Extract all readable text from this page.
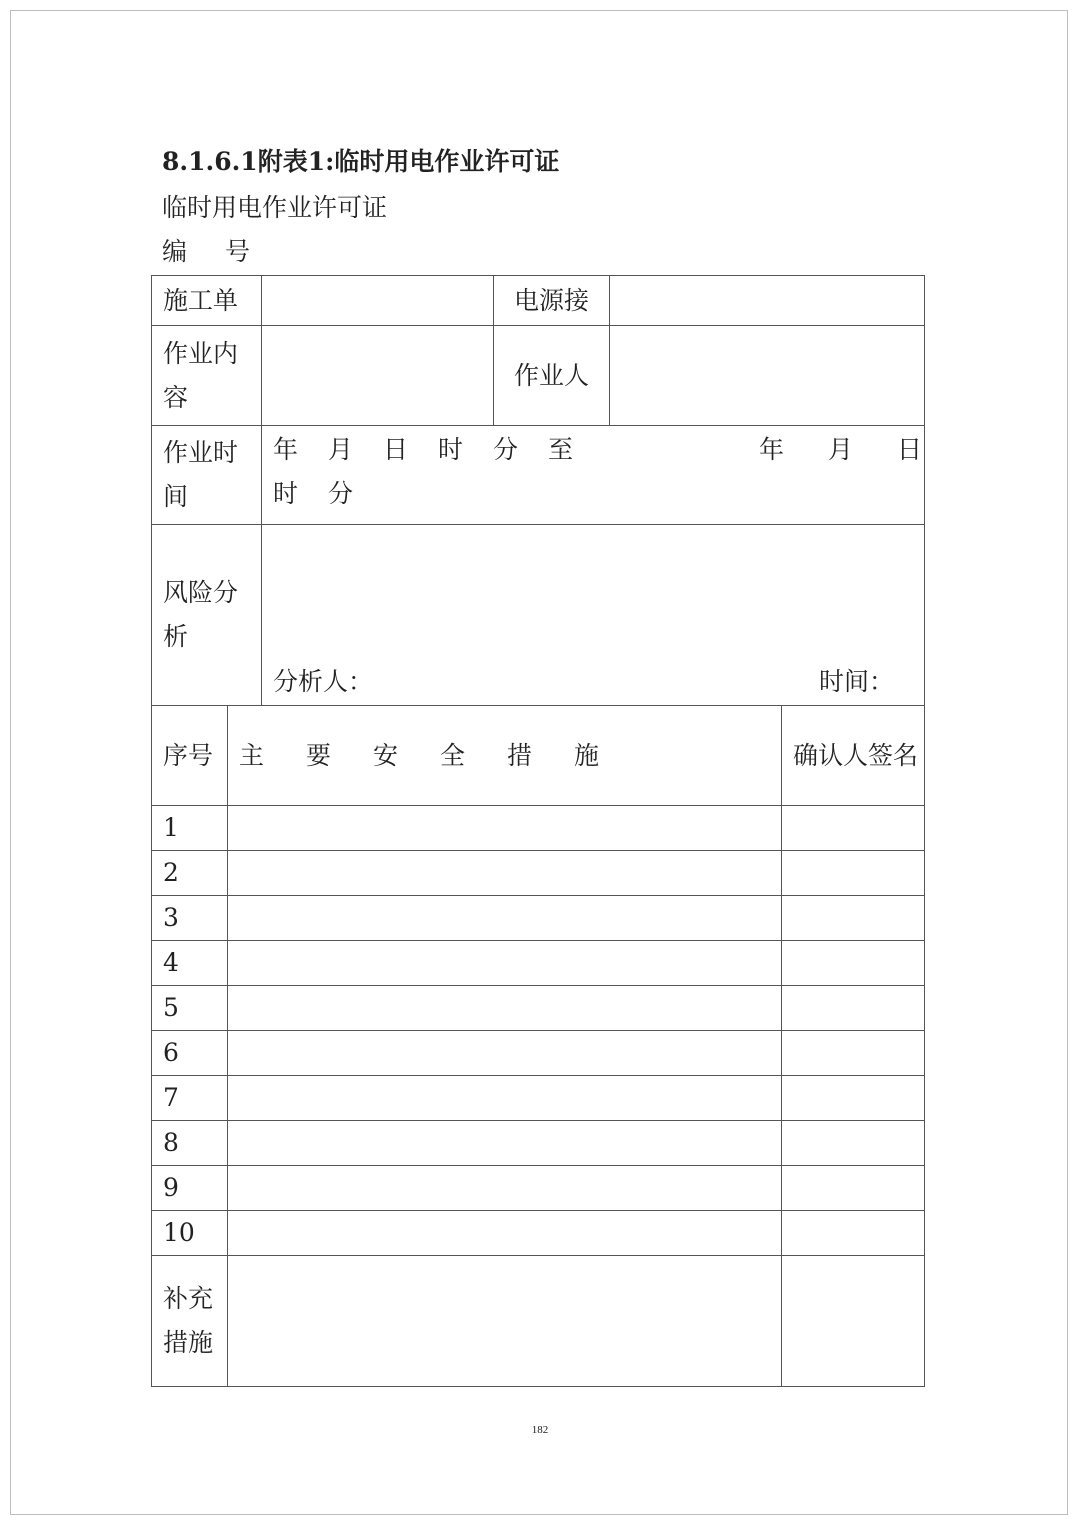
8.1.6.1附表1:临时用电作业许可证
临时用电作业许可证
编号
施工单			电源接		
作业内容			作业人		
作业时间		年月日时分至 年月日
时分			

风险分析		分析人： 时间：			

序号	主要安全措施				确认人签名
1					
2					
3					
4					
5					
6					
7					
8					
9					
10					
补充措施					
182
